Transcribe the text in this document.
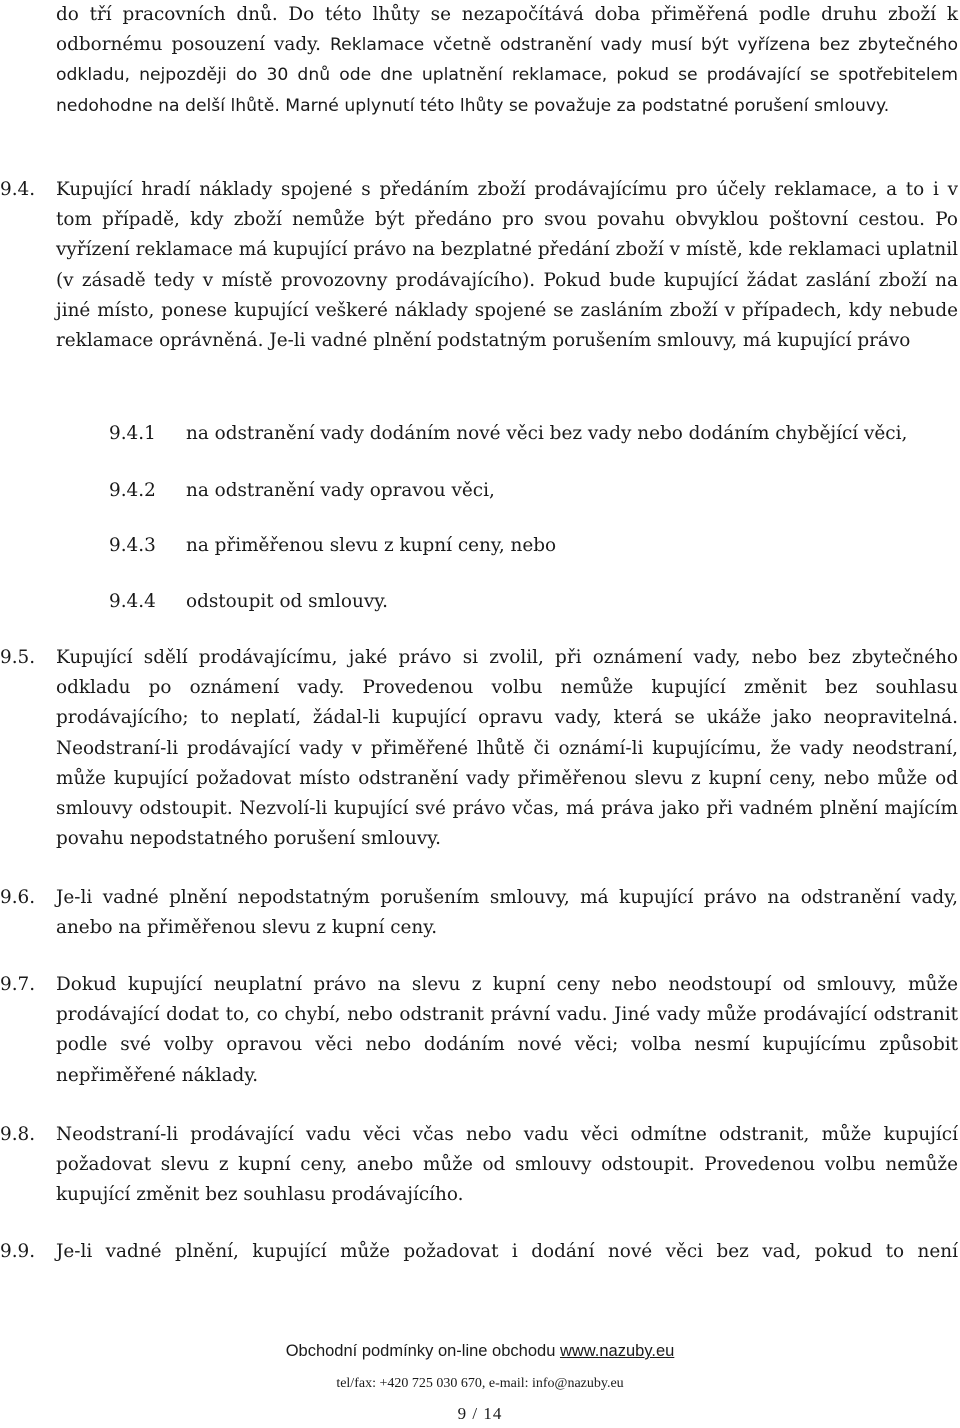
do tří pracovních dnů. Do této lhůty se nezapočítává doba přiměřená podle druhu zboží k odbornému posouzení vady. Reklamace včetně odstranění vady musí být vyřízena bez zbytečného odkladu, nejpozději do 30 dnů ode dne uplatnění reklamace, pokud se prodávající se spotřebitelem nedohodne na delší lhůtě. Marné uplynutí této lhůty se považuje za podstatné porušení smlouvy.

9.4. Kupující hradí náklady spojené s předáním zboží prodávajícímu pro účely reklamace, a to i v tom případě, kdy zboží nemůže být předáno pro svou povahu obvyklou poštovní cestou. Po vyřízení reklamace má kupující právo na bezplatné předání zboží v místě, kde reklamaci uplatnil (v zásadě tedy v místě provozovny prodávajícího). Pokud bude kupující žádat zaslání zboží na jiné místo, ponese kupující veškeré náklady spojené se zasláním zboží v případech, kdy nebude reklamace oprávněná. Je-li vadné plnění podstatným porušením smlouvy, má kupující právo

9.4.1 na odstranění vady dodáním nové věci bez vady nebo dodáním chybějící věci,
9.4.2 na odstranění vady opravou věci,
9.4.3 na přiměřenou slevu z kupní ceny, nebo
9.4.4 odstoupit od smlouvy.
9.5. Kupující sdělí prodávajícímu, jaké právo si zvolil, při oznámení vady, nebo bez zbytečného odkladu po oznámení vady. Provedenou volbu nemůže kupující změnit bez souhlasu prodávajícího; to neplatí, žádal-li kupující opravu vady, která se ukáže jako neopravitelná. Neodstraní-li prodávající vady v přiměřené lhůtě či oznámí-li kupujícímu, že vady neodstraní, může kupující požadovat místo odstranění vady přiměřenou slevu z kupní ceny, nebo může od smlouvy odstoupit. Nezvolí-li kupující své právo včas, má práva jako při vadném plnění majícím povahu nepodstatného porušení smlouvy.

9.6. Je-li vadné plnění nepodstatným porušením smlouvy, má kupující právo na odstranění vady, anebo na přiměřenou slevu z kupní ceny.

9.7. Dokud kupující neuplatní právo na slevu z kupní ceny nebo neodstoupí od smlouvy, může prodávající dodat to, co chybí, nebo odstranit právní vadu. Jiné vady může prodávající odstranit podle své volby opravou věci nebo dodáním nové věci; volba nesmí kupujícímu způsobit nepřiměřené náklady.

9.8. Neodstraní-li prodávající vadu věci včas nebo vadu věci odmítne odstranit, může kupující požadovat slevu z kupní ceny, anebo může od smlouvy odstoupit. Provedenou volbu nemůže kupující změnit bez souhlasu prodávajícího.

9.9. Je-li vadné plnění, kupující může požadovat i dodání nové věci bez vad, pokud to není

Obchodní podmínky on-line obchodu www.nazuby.eu
tel/fax: +420 725 030 670, e-mail: info@nazuby.eu
9 / 14
